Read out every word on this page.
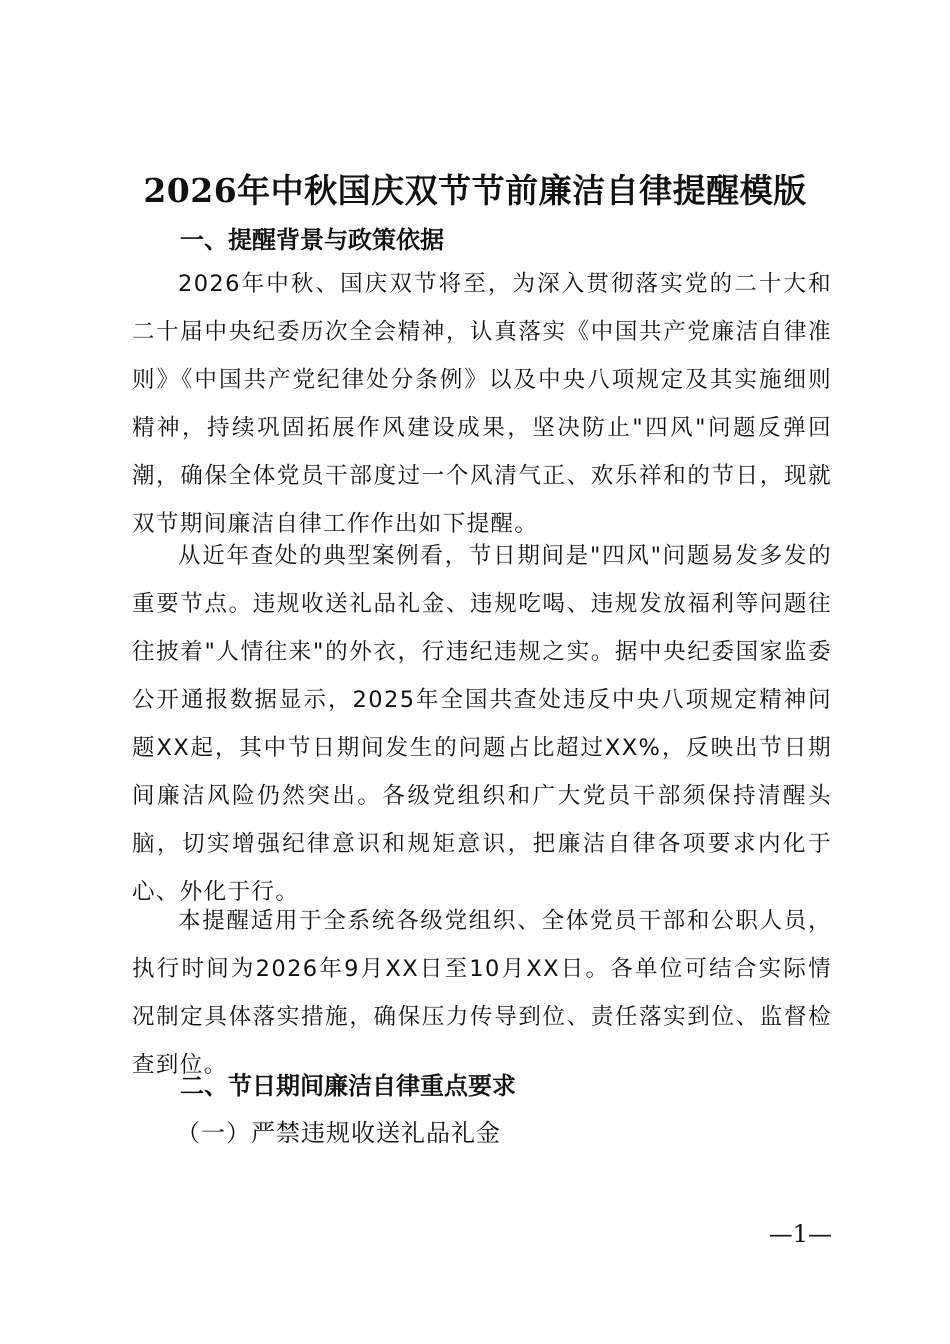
2026年中秋国庆双节节前廉洁自律提醒模版
一、提醒背景与政策依据

2026年中秋、国庆双节将至，为深入贯彻落实党的二十大和二十届中央纪委历次全会精神，认真落实《中国共产党廉洁自律准则》《中国共产党纪律处分条例》以及中央八项规定及其实施细则精神，持续巩固拓展作风建设成果，坚决防止"四风"问题反弹回潮，确保全体党员干部度过一个风清气正、欢乐祥和的节日，现就双节期间廉洁自律工作作出如下提醒。

从近年查处的典型案例看，节日期间是"四风"问题易发多发的重要节点。违规收送礼品礼金、违规吃喝、违规发放福利等问题往往披着"人情往来"的外衣，行违纪违规之实。据中央纪委国家监委公开通报数据显示，2025年全国共查处违反中央八项规定精神问题XX起，其中节日期间发生的问题占比超过XX%，反映出节日期间廉洁风险仍然突出。各级党组织和广大党员干部须保持清醒头脑，切实增强纪律意识和规矩意识，把廉洁自律各项要求内化于心、外化于行。

本提醒适用于全系统各级党组织、全体党员干部和公职人员，执行时间为2026年9月XX日至10月XX日。各单位可结合实际情况制定具体落实措施，确保压力传导到位、责任落实到位、监督检查到位。

二、节日期间廉洁自律重点要求
（一）严禁违规收送礼品礼金
—1—
